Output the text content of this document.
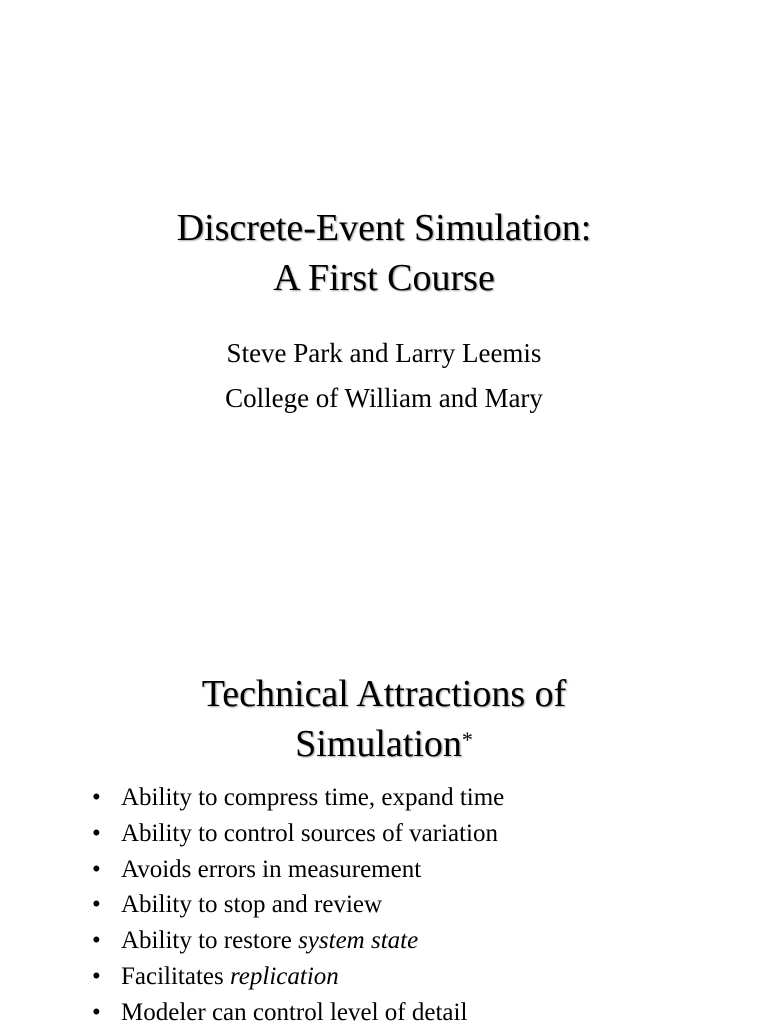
Discrete-Event Simulation:
A First Course
Steve Park and Larry Leemis
College of William and Mary
Technical Attractions of
Simulation*
• Ability to compress time, expand time
• Ability to control sources of variation
• Avoids errors in measurement
• Ability to stop and review
• Ability to restore system state
• Facilitates replication
• Modeler can control level of detail
